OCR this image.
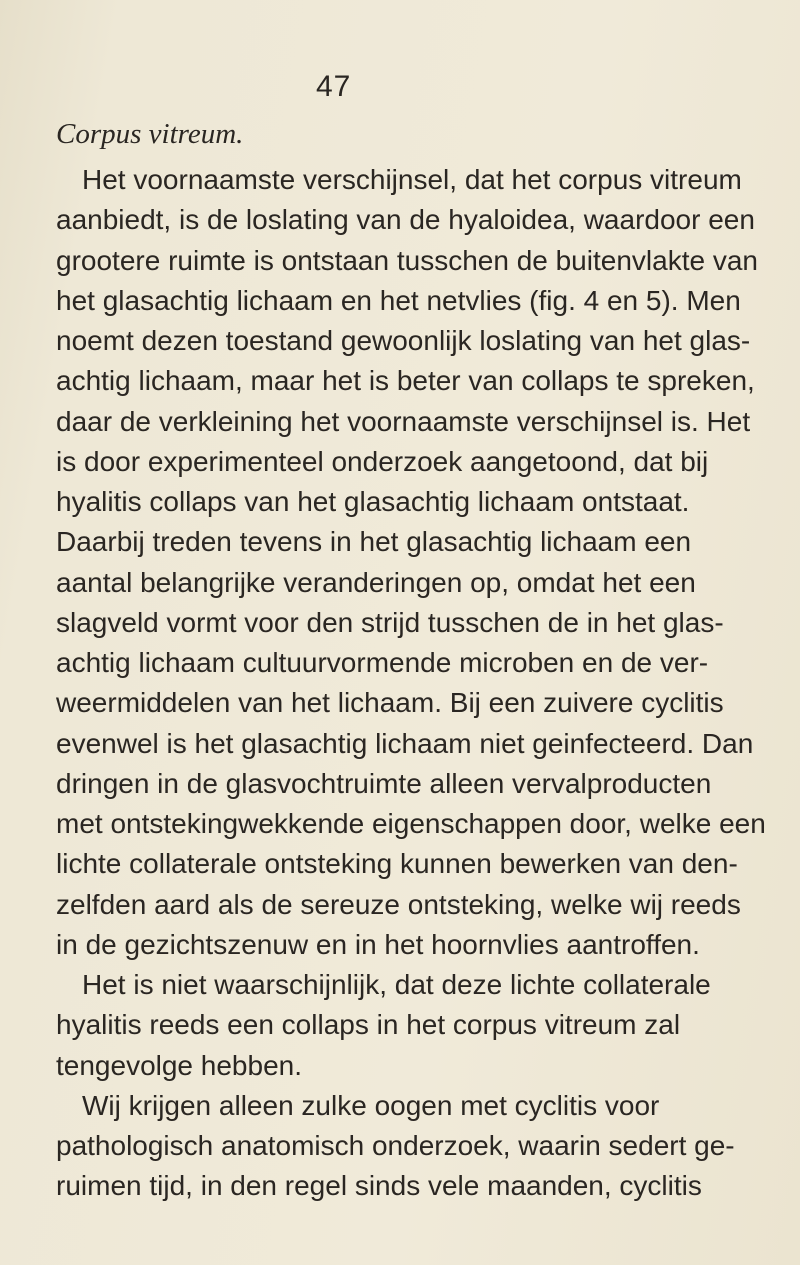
47
Corpus vitreum.
Het voornaamste verschijnsel, dat het corpus vitreum
aanbiedt, is de loslating van de hyaloidea, waardoor een
grootere ruimte is ontstaan tusschen de buitenvlakte van
het glasachtig lichaam en het netvlies (fig. 4 en 5). Men
noemt dezen toestand gewoonlijk loslating van het glas-
achtig lichaam, maar het is beter van collaps te spreken,
daar de verkleining het voornaamste verschijnsel is. Het
is door experimenteel onderzoek aangetoond, dat bij
hyalitis collaps van het glasachtig lichaam ontstaat.
Daarbij treden tevens in het glasachtig lichaam een
aantal belangrijke veranderingen op, omdat het een
slagveld vormt voor den strijd tusschen de in het glas-
achtig lichaam cultuurvormende microben en de ver-
weermiddelen van het lichaam. Bij een zuivere cyclitis
evenwel is het glasachtig lichaam niet geinfecteerd. Dan
dringen in de glasvochtruimte alleen vervalproducten
met ontstekingwekkende eigenschappen door, welke een
lichte collaterale ontsteking kunnen bewerken van den-
zelfden aard als de sereuze ontsteking, welke wij reeds
in de gezichtszenuw en in het hoornvlies aantroffen.
Het is niet waarschijnlijk, dat deze lichte collaterale
hyalitis reeds een collaps in het corpus vitreum zal
tengevolge hebben.
Wij krijgen alleen zulke oogen met cyclitis voor
pathologisch anatomisch onderzoek, waarin sedert ge-
ruimen tijd, in den regel sinds vele maanden, cyclitis
